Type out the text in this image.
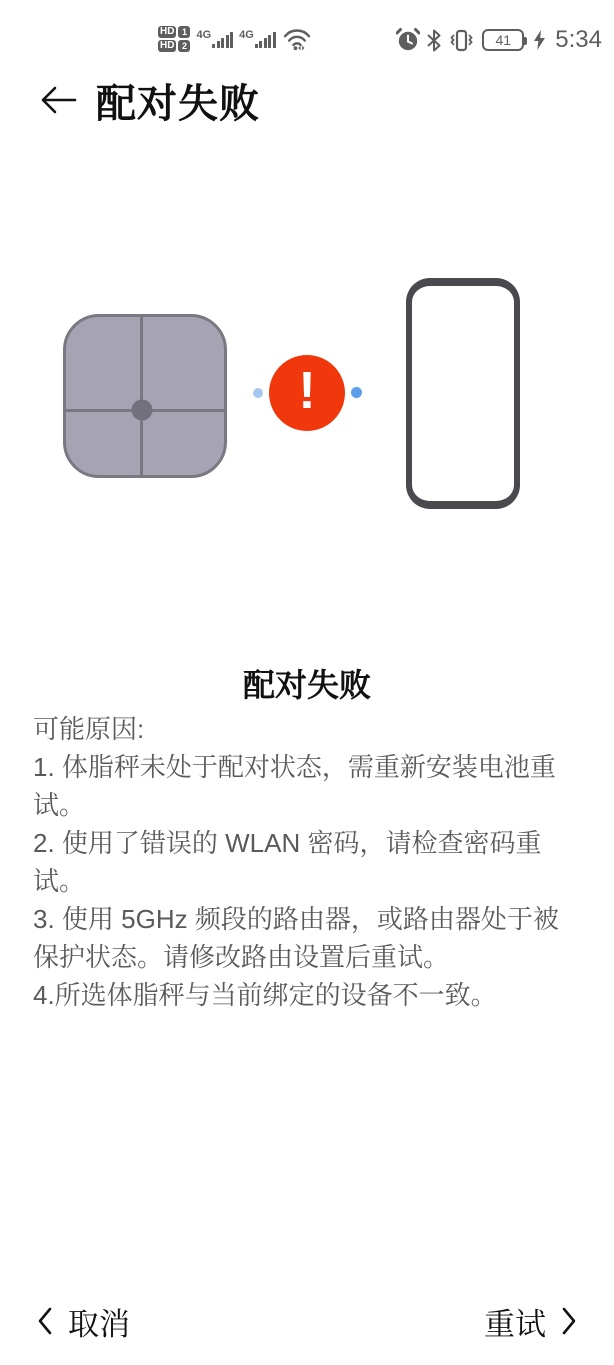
HD 1
HD 2
4G	4G	41 5:34
配对失败
!
配对失败
可能原因:
1. 体脂秤未处于配对状态，需重新安装电池重试。
2. 使用了错误的 WLAN 密码，请检查密码重试。
3. 使用 5GHz 频段的路由器，或路由器处于被保护状态。请修改路由设置后重试。
4.所选体脂秤与当前绑定的设备不一致。
取消	重试
